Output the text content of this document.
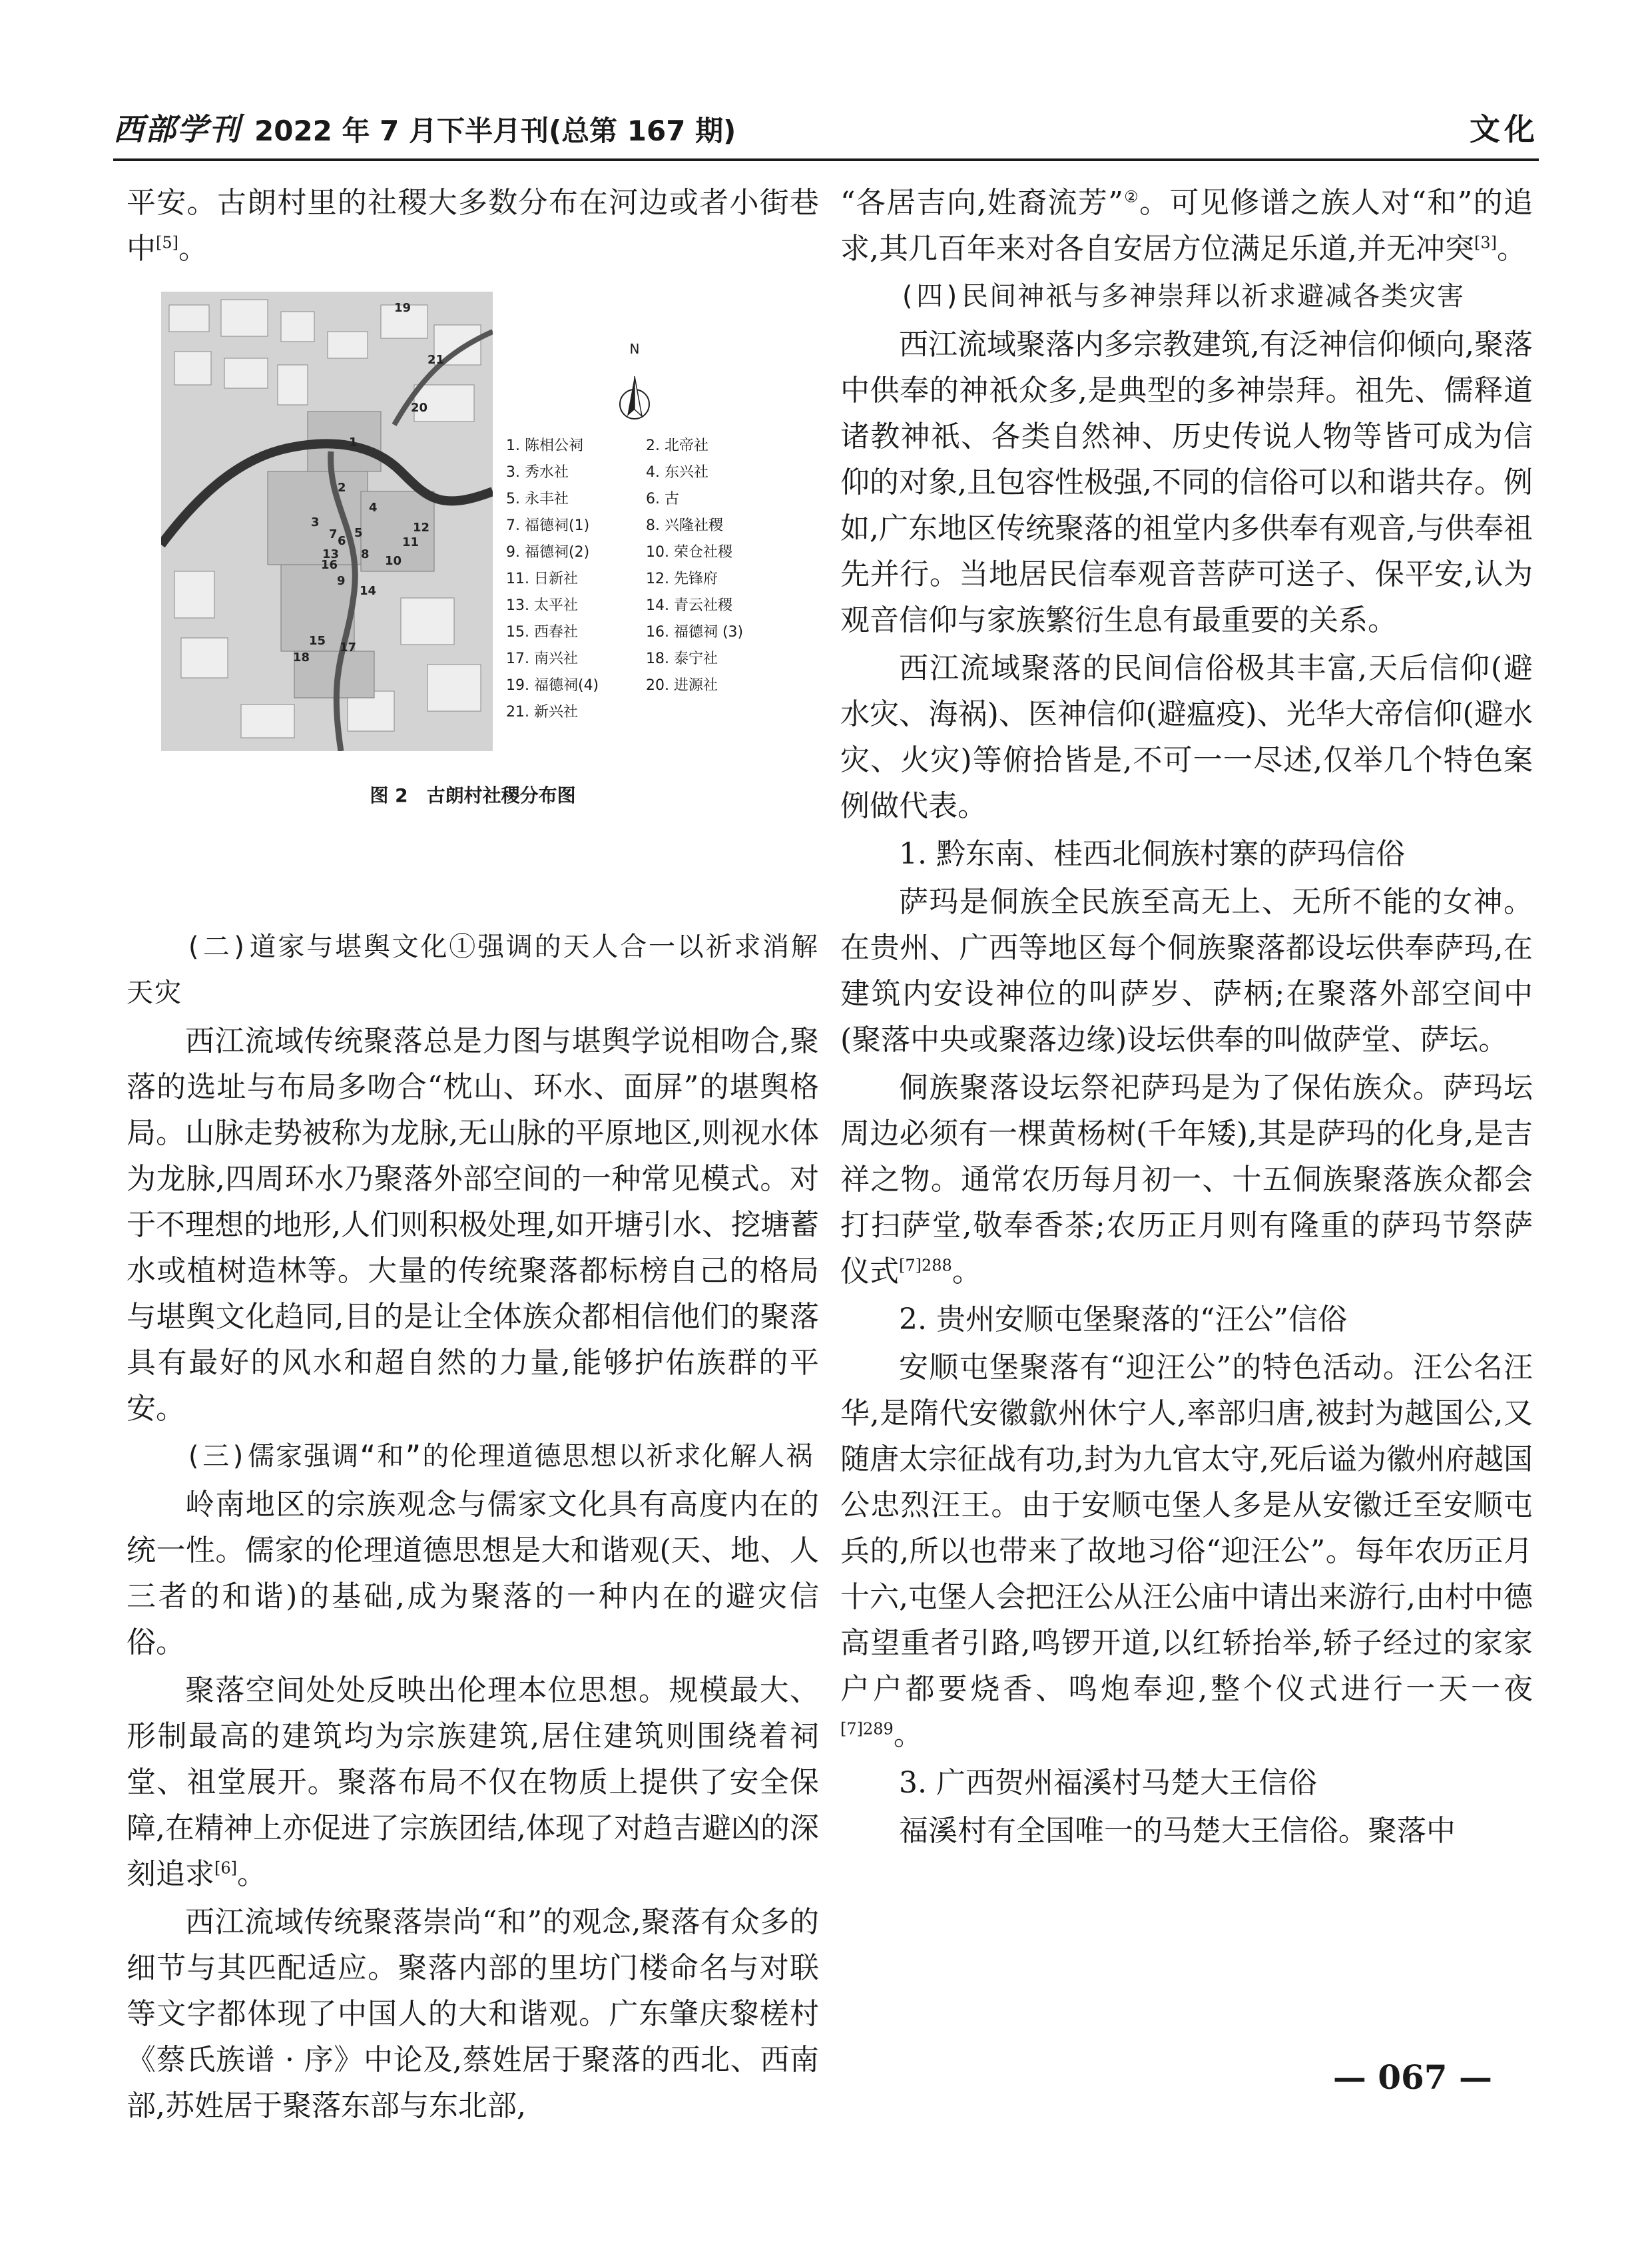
西部学刊 2022 年 7 月下半月刊(总第 167 期)	文化

平安。古朗村里的社稷大多数分布在河边或者小街巷中[5]。

19
21
20
1
2
3
4
5
6
7
8
9
10
11
12
13
14
15
16
17
18
N
1. 陈相公祠	2. 北帝社
3. 秀水社	4. 东兴社
5. 永丰社	6. 古
7. 福德祠(1)	8. 兴隆社稷
9. 福德祠(2)	10. 荣仓社稷
11. 日新社	12. 先锋府
13. 太平社	14. 青云社稷
15. 西春社	16. 福德祠 (3)
17. 南兴社	18. 泰宁社
19. 福德祠(4)	20. 进源社
21. 新兴社
图 2　古朗村社稷分布图

(二)道家与堪舆文化①强调的天人合一以祈求消解天灾

西江流域传统聚落总是力图与堪舆学说相吻合,聚落的选址与布局多吻合“枕山、环水、面屏”的堪舆格局。山脉走势被称为龙脉,无山脉的平原地区,则视水体为龙脉,四周环水乃聚落外部空间的一种常见模式。对于不理想的地形,人们则积极处理,如开塘引水、挖塘蓄水或植树造林等。大量的传统聚落都标榜自己的格局与堪舆文化趋同,目的是让全体族众都相信他们的聚落具有最好的风水和超自然的力量,能够护佑族群的平安。

(三)儒家强调“和”的伦理道德思想以祈求化解人祸

岭南地区的宗族观念与儒家文化具有高度内在的统一性。儒家的伦理道德思想是大和谐观(天、地、人三者的和谐)的基础,成为聚落的一种内在的避灾信俗。

聚落空间处处反映出伦理本位思想。规模最大、形制最高的建筑均为宗族建筑,居住建筑则围绕着祠堂、祖堂展开。聚落布局不仅在物质上提供了安全保障,在精神上亦促进了宗族团结,体现了对趋吉避凶的深刻追求[6]。

西江流域传统聚落崇尚“和”的观念,聚落有众多的细节与其匹配适应。聚落内部的里坊门楼命名与对联等文字都体现了中国人的大和谐观。广东肇庆黎槎村《蔡氏族谱 · 序》中论及,蔡姓居于聚落的西北、西南部,苏姓居于聚落东部与东北部,

“各居吉向,姓裔流芳”②。可见修谱之族人对“和”的追求,其几百年来对各自安居方位满足乐道,并无冲突[3]。

(四)民间神祇与多神崇拜以祈求避减各类灾害

西江流域聚落内多宗教建筑,有泛神信仰倾向,聚落中供奉的神祇众多,是典型的多神崇拜。祖先、儒释道诸教神祇、各类自然神、历史传说人物等皆可成为信仰的对象,且包容性极强,不同的信俗可以和谐共存。例如,广东地区传统聚落的祖堂内多供奉有观音,与供奉祖先并行。当地居民信奉观音菩萨可送子、保平安,认为观音信仰与家族繁衍生息有最重要的关系。

西江流域聚落的民间信俗极其丰富,天后信仰(避水灾、海祸)、医神信仰(避瘟疫)、光华大帝信仰(避水灾、火灾)等俯拾皆是,不可一一尽述,仅举几个特色案例做代表。

1. 黔东南、桂西北侗族村寨的萨玛信俗

萨玛是侗族全民族至高无上、无所不能的女神。在贵州、广西等地区每个侗族聚落都设坛供奉萨玛,在建筑内安设神位的叫萨岁、萨柄;在聚落外部空间中(聚落中央或聚落边缘)设坛供奉的叫做萨堂、萨坛。

侗族聚落设坛祭祀萨玛是为了保佑族众。萨玛坛周边必须有一棵黄杨树(千年矮),其是萨玛的化身,是吉祥之物。通常农历每月初一、十五侗族聚落族众都会打扫萨堂,敬奉香茶;农历正月则有隆重的萨玛节祭萨仪式$^{[7]288}$。

2. 贵州安顺屯堡聚落的“汪公”信俗

安顺屯堡聚落有“迎汪公”的特色活动。汪公名汪华,是隋代安徽歙州休宁人,率部归唐,被封为越国公,又随唐太宗征战有功,封为九官太守,死后谥为徽州府越国公忠烈汪王。由于安顺屯堡人多是从安徽迁至安顺屯兵的,所以也带来了故地习俗“迎汪公”。每年农历正月十六,屯堡人会把汪公从汪公庙中请出来游行,由村中德高望重者引路,鸣锣开道,以红轿抬举,轿子经过的家家户户都要烧香、鸣炮奉迎,整个仪式进行一天一夜$^{[7]289}$。

3. 广西贺州福溪村马楚大王信俗

福溪村有全国唯一的马楚大王信俗。聚落中

— 067 —
